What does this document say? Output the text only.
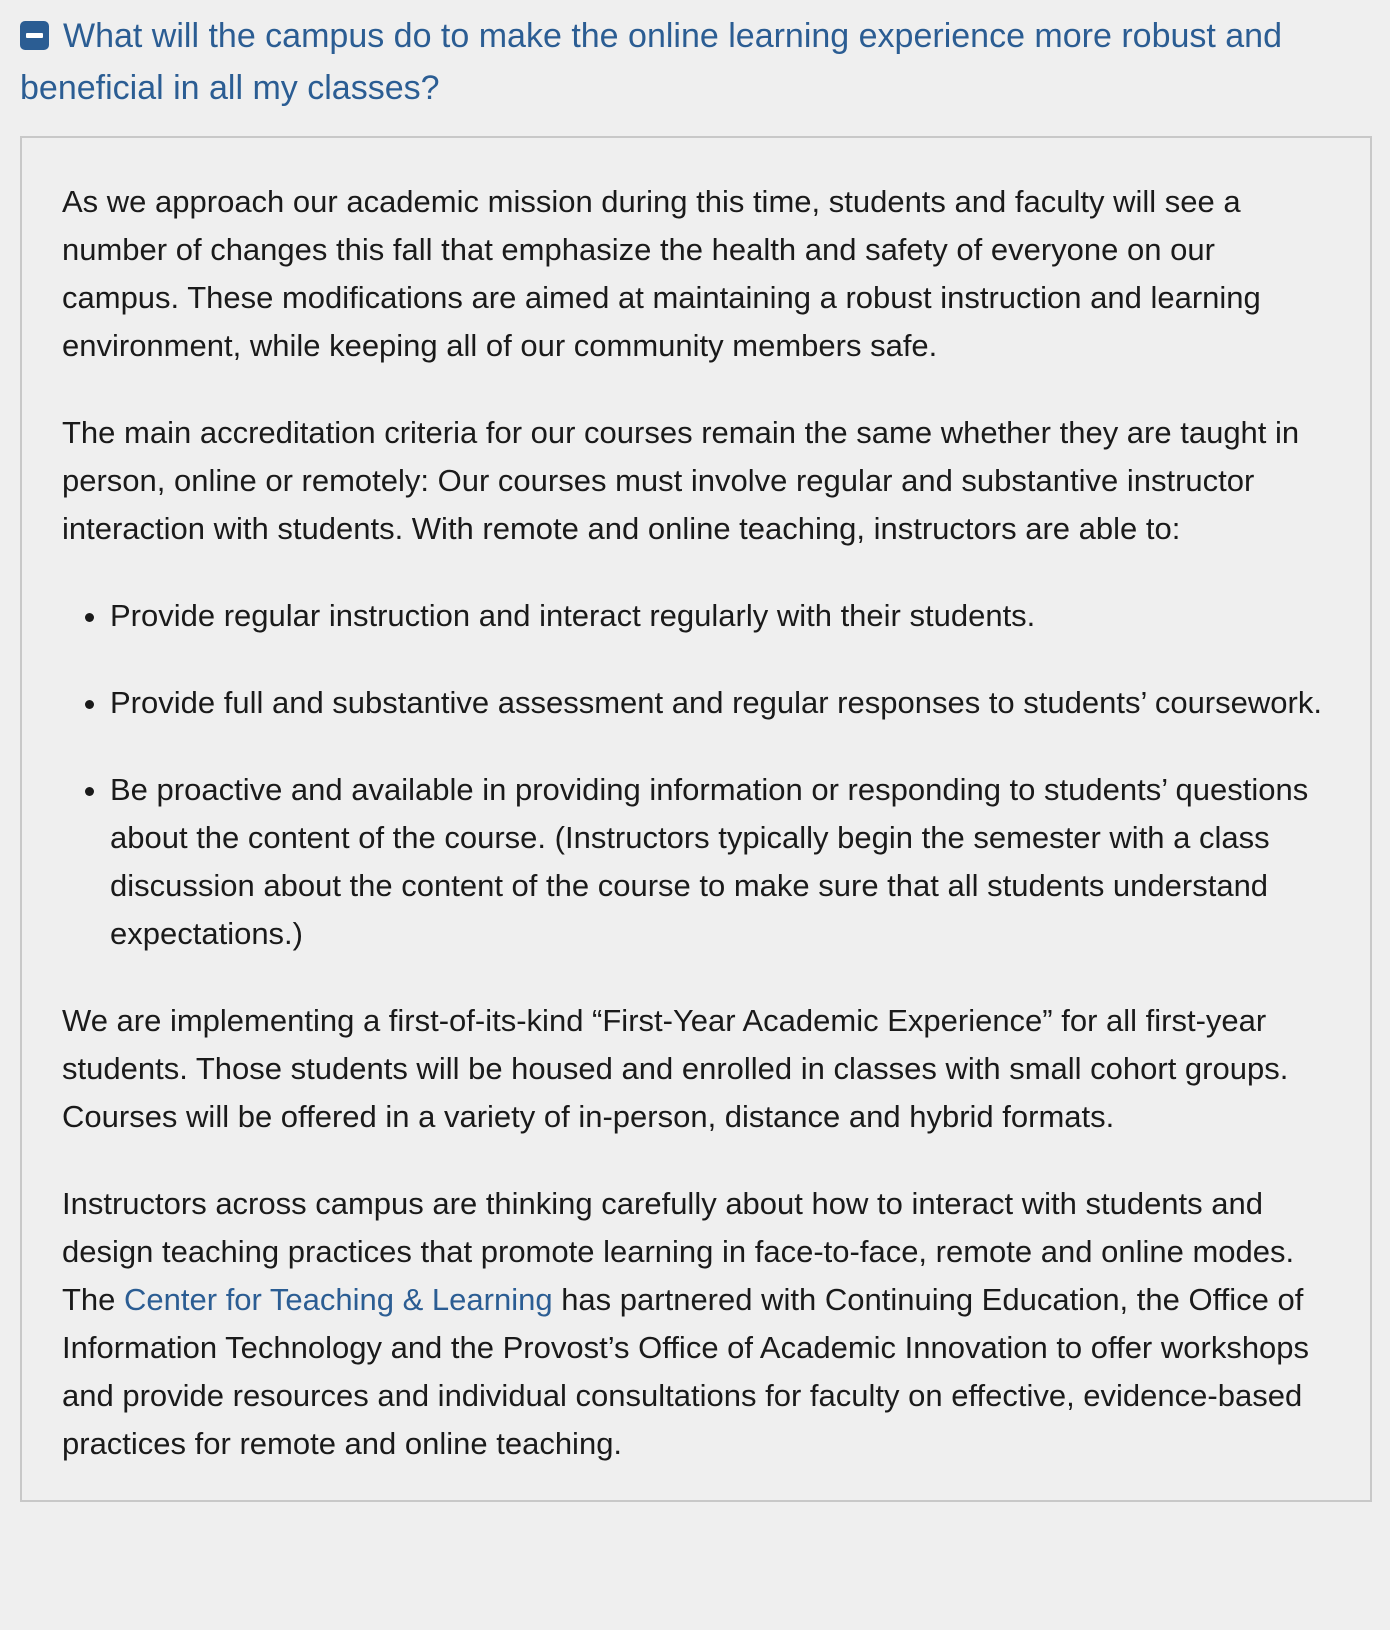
What will the campus do to make the online learning experience more robust and beneficial in all my classes?

As we approach our academic mission during this time, students and faculty will see a number of changes this fall that emphasize the health and safety of everyone on our campus. These modifications are aimed at maintaining a robust instruction and learning environment, while keeping all of our community members safe.

The main accreditation criteria for our courses remain the same whether they are taught in person, online or remotely: Our courses must involve regular and substantive instructor interaction with students. With remote and online teaching, instructors are able to:

• Provide regular instruction and interact regularly with their students.
• Provide full and substantive assessment and regular responses to students’ coursework.
• Be proactive and available in providing information or responding to students’ questions about the content of the course. (Instructors typically begin the semester with a class discussion about the content of the course to make sure that all students understand expectations.)

We are implementing a first-of-its-kind “First-Year Academic Experience” for all first-year students. Those students will be housed and enrolled in classes with small cohort groups. Courses will be offered in a variety of in-person, distance and hybrid formats.

Instructors across campus are thinking carefully about how to interact with students and design teaching practices that promote learning in face-to-face, remote and online modes. The Center for Teaching & Learning has partnered with Continuing Education, the Office of Information Technology and the Provost’s Office of Academic Innovation to offer workshops and provide resources and individual consultations for faculty on effective, evidence-based practices for remote and online teaching.
